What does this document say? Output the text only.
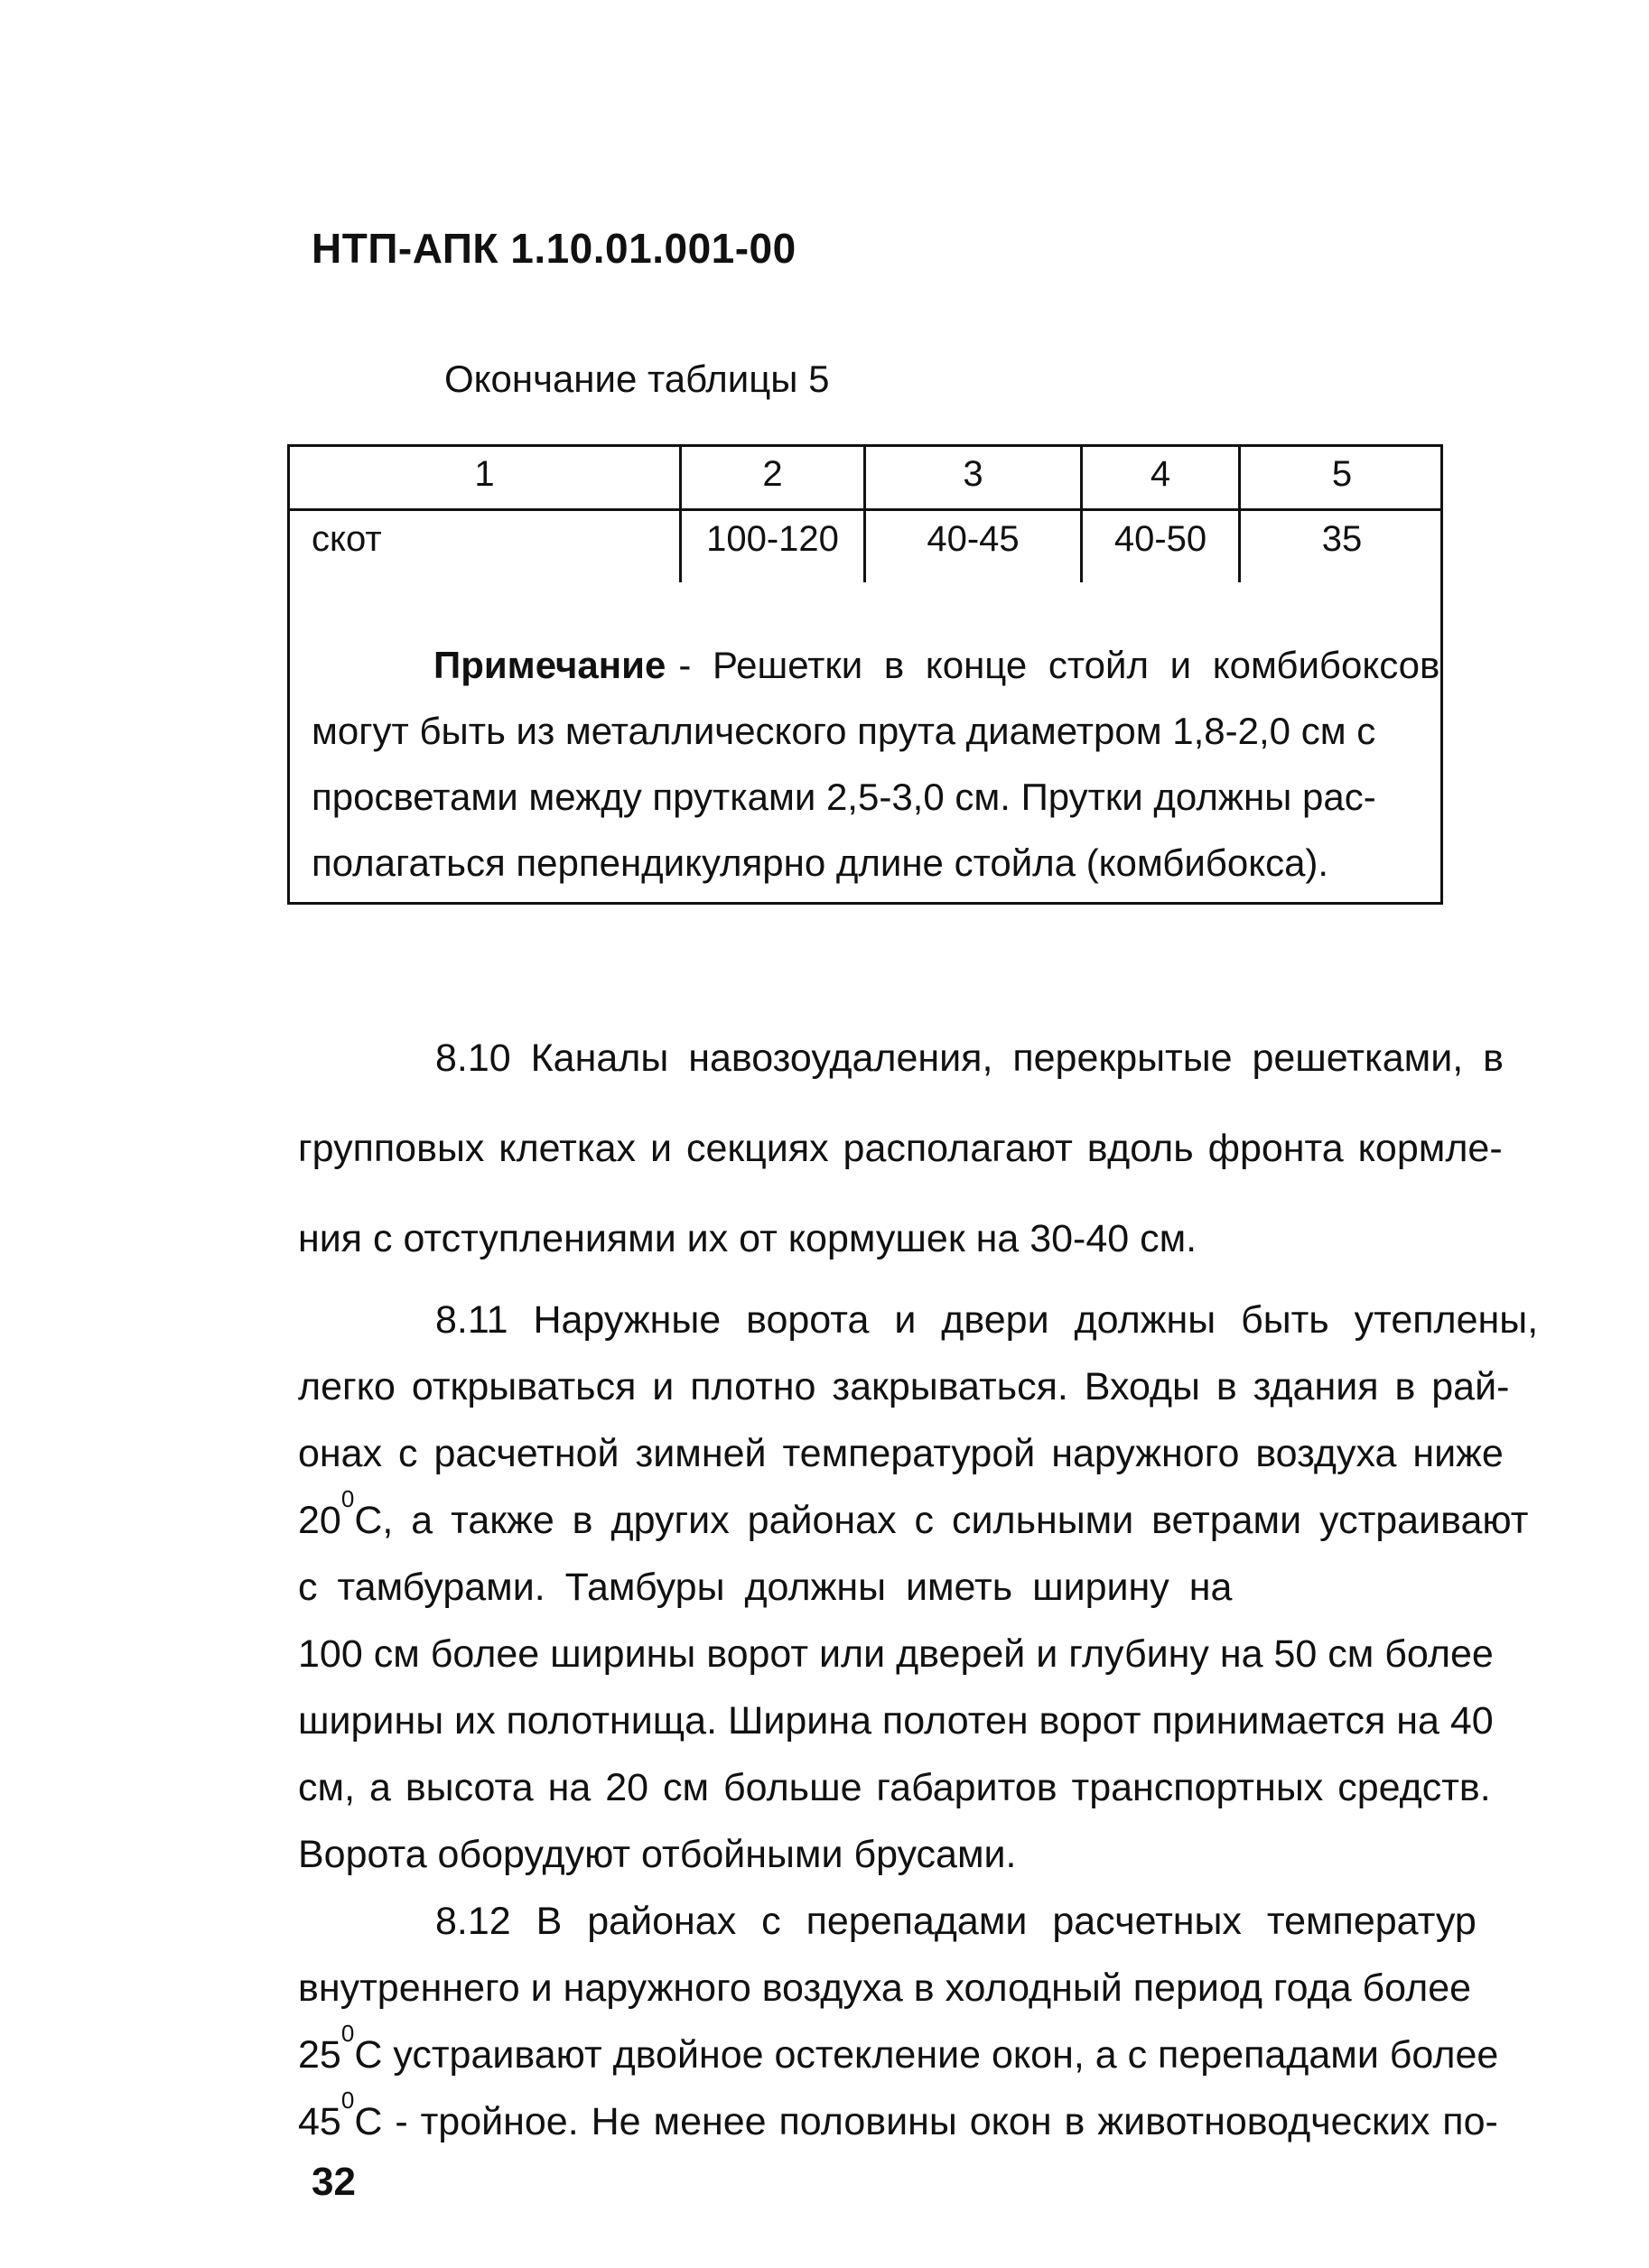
НТП-АПК 1.10.01.001-00
Окончание таблицы 5
1	2	3	4	5
скот	100-120	40-45	40-50	35
Примечание - Решетки в конце стойл и комбибоксов
могут быть из металлического прута диаметром 1,8-2,0 см с
просветами между прутками 2,5-3,0 см. Прутки должны рас-
полагаться перпендикулярно длине стойла (комбибокса).
8.10 Каналы навозоудаления, перекрытые решетками, в
групповых клетках и секциях располагают вдоль фронта кормле-
ния с отступлениями их от кормушек на 30-40 см.
8.11 Наружные ворота и двери должны быть утеплены,
легко открываться и плотно закрываться. Входы в здания в рай-
онах с расчетной зимней температурой наружного воздуха ниже
20 0 С, а также в других районах с сильными ветрами устраивают
с тамбурами. Тамбуры должны иметь ширину на
100 см более ширины ворот или дверей и глубину на 50 см более
ширины их полотнища. Ширина полотен ворот принимается на 40
см, а высота на 20 см больше габаритов транспортных средств.
Ворота оборудуют отбойными брусами.
8.12 В районах с перепадами расчетных температур
внутреннего и наружного воздуха в холодный период года более
25 0 С устраивают двойное остекление окон, а с перепадами более
45 0 С - тройное. Не менее половины окон в животноводческих по-
32
